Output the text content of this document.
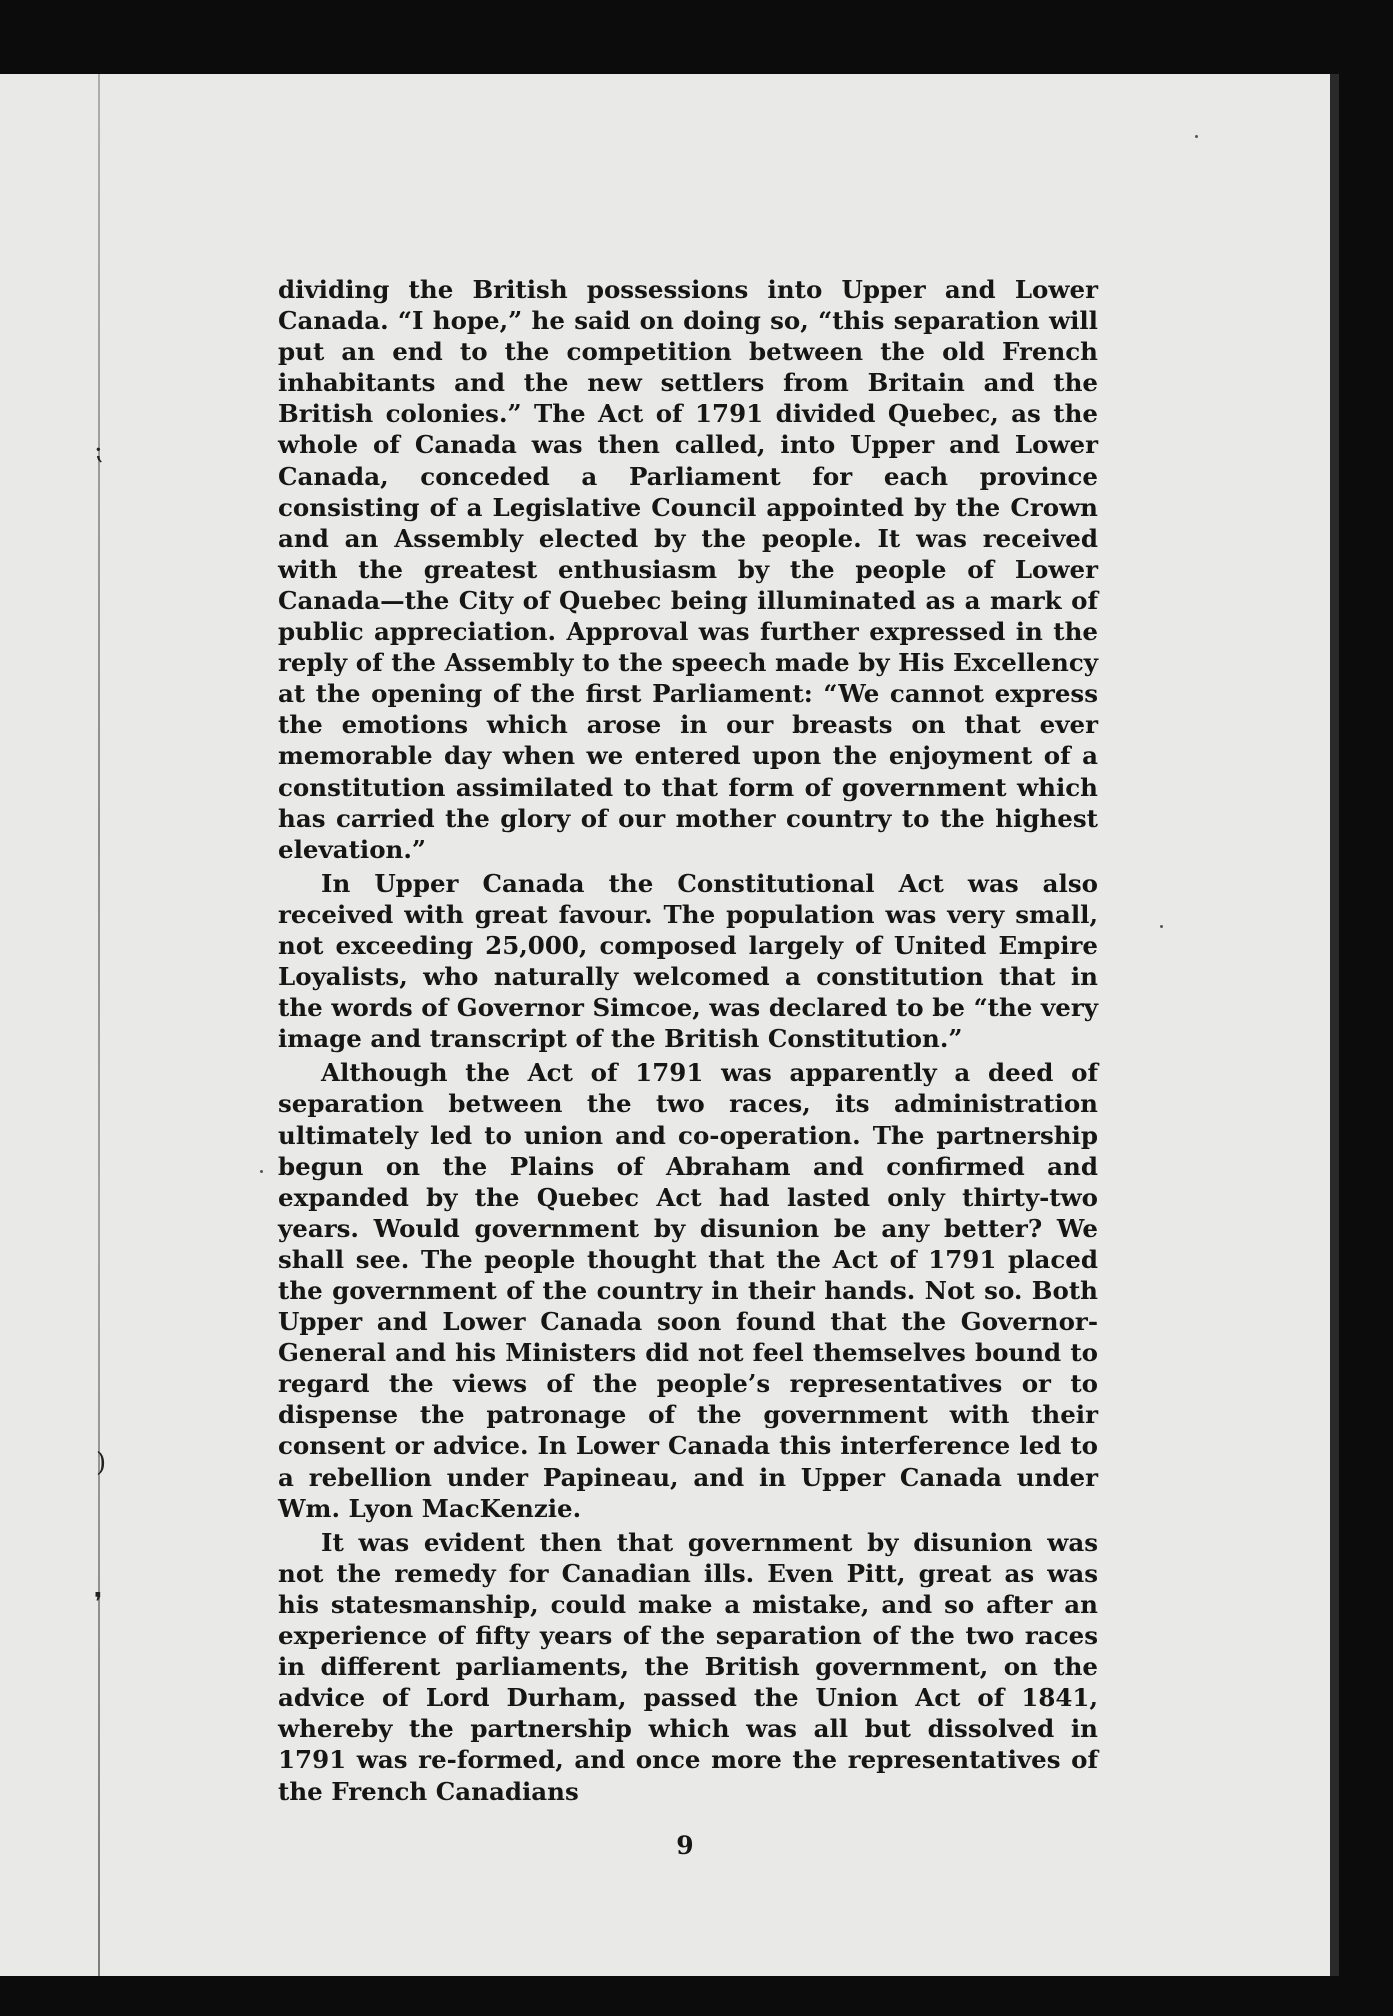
dividing the British possessions into Upper and Lower Canada. “I hope,” he said on doing so, “this separation will put an end to the competition between the old French inhabitants and the new settlers from Britain and the British colonies.” The Act of 1791 divided Quebec, as the whole of Canada was then called, into Upper and Lower Canada, conceded a Parliament for each province consisting of a Legislative Council appointed by the Crown and an Assembly elected by the people. It was received with the greatest enthusiasm by the people of Lower Canada—the City of Quebec being illuminated as a mark of public appreciation. Approval was further expressed in the reply of the Assembly to the speech made by His Excellency at the opening of the first Parliament: “We cannot express the emotions which arose in our breasts on that ever memorable day when we entered upon the enjoyment of a constitution assimilated to that form of government which has carried the glory of our mother country to the highest elevation.”

In Upper Canada the Constitutional Act was also received with great favour. The population was very small, not exceeding 25,000, composed largely of United Empire Loyalists, who naturally welcomed a constitution that in the words of Governor Simcoe, was declared to be “the very image and transcript of the British Constitution.”

Although the Act of 1791 was apparently a deed of separation between the two races, its administration ultimately led to union and co-operation. The partnership begun on the Plains of Abraham and confirmed and expanded by the Quebec Act had lasted only thirty-two years. Would government by disunion be any better? We shall see. The people thought that the Act of 1791 placed the government of the country in their hands. Not so. Both Upper and Lower Canada soon found that the Governor-General and his Ministers did not feel themselves bound to regard the views of the people’s representatives or to dispense the patronage of the government with their consent or advice. In Lower Canada this interference led to a rebellion under Papineau, and in Upper Canada under Wm. Lyon MacKenzie.

It was evident then that government by disunion was not the remedy for Canadian ills. Even Pitt, great as was his statesmanship, could make a mistake, and so after an experience of fifty years of the separation of the two races in different parliaments, the British government, on the advice of Lord Durham, passed the Union Act of 1841, whereby the partnership which was all but dissolved in 1791 was re-formed, and once more the representatives of the French Canadians

9
⁏
)
❜
